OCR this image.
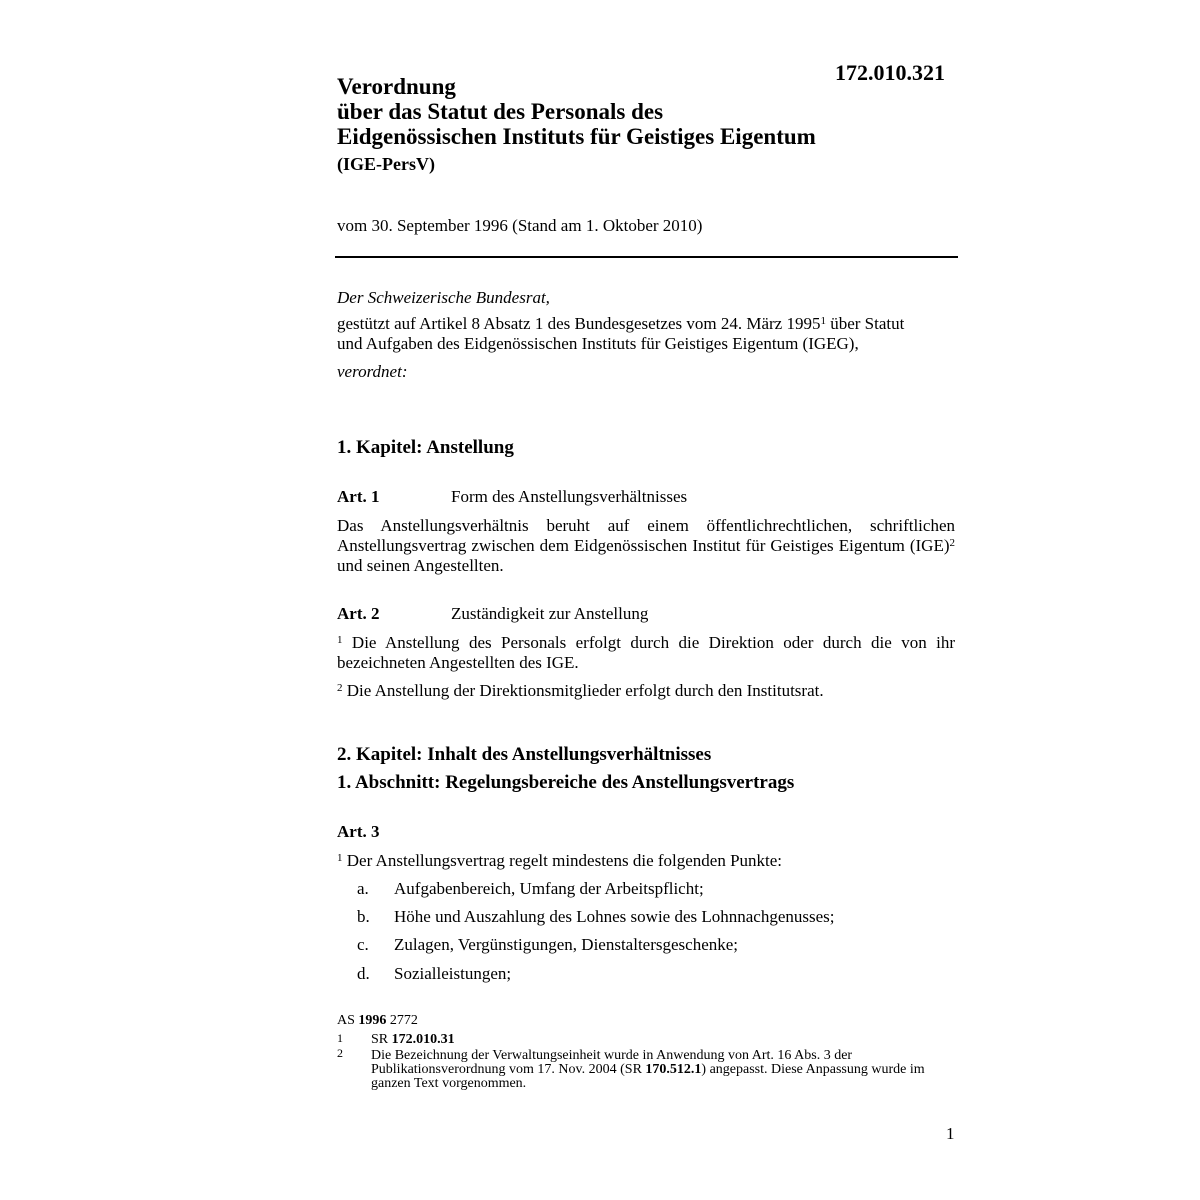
172.010.321
Verordnung
über das Statut des Personals des
Eidgenössischen Instituts für Geistiges Eigentum
(IGE-PersV)
vom 30. September 1996 (Stand am 1. Oktober 2010)
Der Schweizerische Bundesrat,
gestützt auf Artikel 8 Absatz 1 des Bundesgesetzes vom 24. März 1995$^1$ über Statut
und Aufgaben des Eidgenössischen Instituts für Geistiges Eigentum (IGEG),
verordnet:
1. Kapitel: Anstellung
Art. 1	Form des Anstellungsverhältnisses
Das Anstellungsverhältnis beruht auf einem öffentlichrechtlichen, schriftlichen Anstellungsvertrag zwischen dem Eidgenössischen Institut für Geistiges Eigentum (IGE)$^2$ und seinen Angestellten.
Art. 2	Zuständigkeit zur Anstellung
$^1$ Die Anstellung des Personals erfolgt durch die Direktion oder durch die von ihr bezeichneten Angestellten des IGE.
$^2$ Die Anstellung der Direktionsmitglieder erfolgt durch den Institutsrat.
2. Kapitel: Inhalt des Anstellungsverhältnisses
1. Abschnitt: Regelungsbereiche des Anstellungsvertrags
Art. 3
$^1$ Der Anstellungsvertrag regelt mindestens die folgenden Punkte:
a. Aufgabenbereich, Umfang der Arbeitspflicht;
b. Höhe und Auszahlung des Lohnes sowie des Lohnnachgenusses;
c. Zulagen, Vergünstigungen, Dienstaltersgeschenke;
d. Sozialleistungen;
AS 1996 2772
1 SR 172.010.31
2 Die Bezeichnung der Verwaltungseinheit wurde in Anwendung von Art. 16 Abs. 3 der Publikationsverordnung vom 17. Nov. 2004 (SR 170.512.1) angepasst. Diese Anpassung wurde im ganzen Text vorgenommen.
1
